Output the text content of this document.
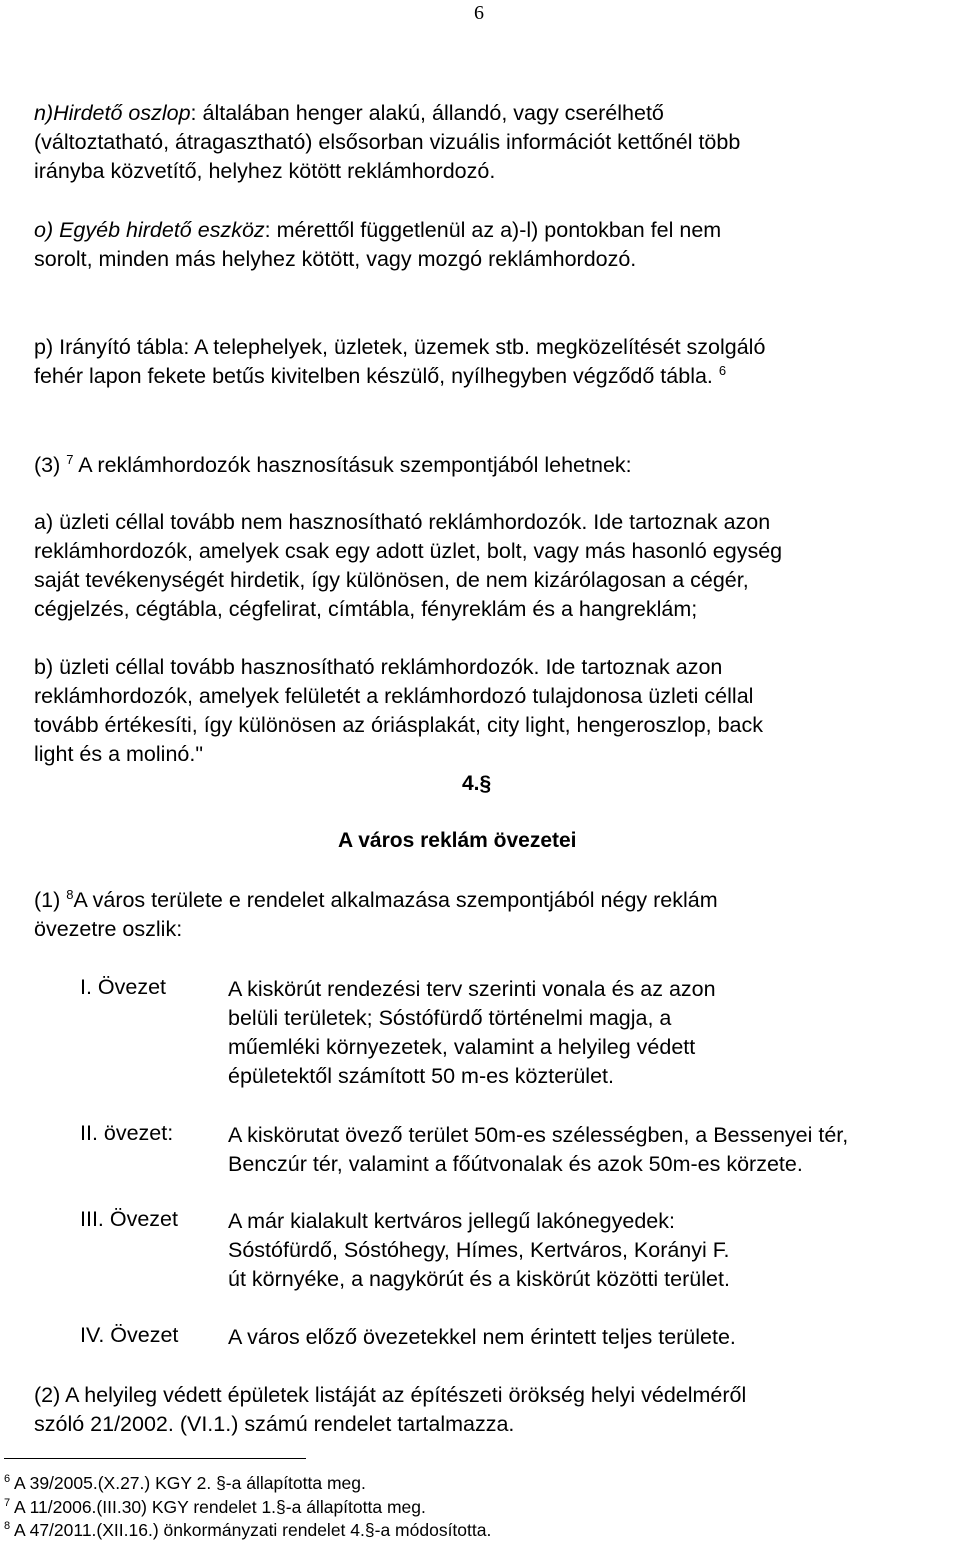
6
n)Hirdető oszlop: általában henger alakú, állandó, vagy cserélhető
(változtatható, átragasztható) elsősorban vizuális információt kettőnél több
irányba közvetítő, helyhez kötött reklámhordozó.
o) Egyéb hirdető eszköz: mérettől függetlenül az a)-l) pontokban fel nem
sorolt, minden más helyhez kötött, vagy mozgó reklámhordozó.
p) Irányító tábla: A telephelyek, üzletek, üzemek stb. megközelítését szolgáló
fehér lapon fekete betűs kivitelben készülő, nyílhegyben végződő tábla. $^6$
(3) $^7$ A reklámhordozók hasznosításuk szempontjából lehetnek:
a) üzleti céllal tovább nem hasznosítható reklámhordozók. Ide tartoznak azon
reklámhordozók, amelyek csak egy adott üzlet, bolt, vagy más hasonló egység
saját tevékenységét hirdetik, így különösen, de nem kizárólagosan a cégér,
cégjelzés, cégtábla, cégfelirat, címtábla, fényreklám és a hangreklám;
b) üzleti céllal tovább hasznosítható reklámhordozók. Ide tartoznak azon
reklámhordozók, amelyek felületét a reklámhordozó tulajdonosa üzleti céllal
tovább értékesíti, így különösen az óriásplakát, city light, hengeroszlop, back
light és a molinó."
4.§
A város reklám övezetei
(1) $^8$A város területe e rendelet alkalmazása szempontjából négy reklám
övezetre oszlik:
I. Övezet	A kiskörút rendezési terv szerinti vonala és az azon
belüli területek; Sóstófürdő történelmi magja, a
műemléki környezetek, valamint a helyileg védett
épületektől számított 50 m-es közterület.
II. övezet:	A kiskörutat övező terület 50m-es szélességben, a Bessenyei tér,
Benczúr tér, valamint a főútvonalak és azok 50m-es körzete.
III. Övezet A már kialakult kertváros jellegű lakónegyedek:
Sóstófürdő, Sóstóhegy, Hímes, Kertváros, Korányi F.
út környéke, a nagykörút és a kiskörút közötti terület.
IV. Övezet A város előző övezetekkel nem érintett teljes területe.
(2) A helyileg védett épületek listáját az építészeti örökség helyi védelméről
szóló 21/2002. (VI.1.) számú rendelet tartalmazza.
$^6$ A 39/2005.(X.27.) KGY 2. §-a állapította meg.
$^7$ A 11/2006.(III.30) KGY rendelet 1.§-a állapította meg.
$^8$ A 47/2011.(XII.16.) önkormányzati rendelet 4.§-a módosította.
